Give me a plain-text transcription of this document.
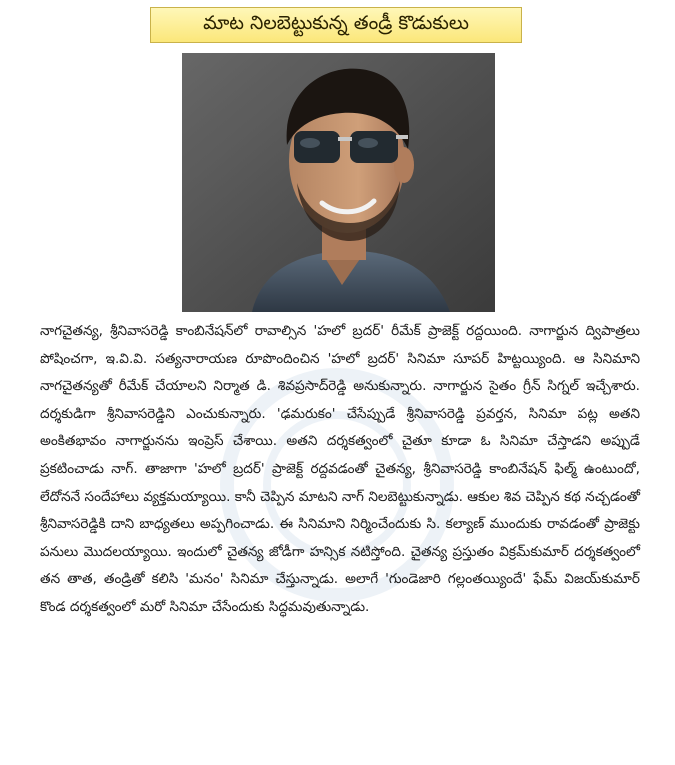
మాట నిలబెట్టుకున్న తండ్రీ కొడుకులు

నాగచైతన్య, శ్రీనివాసరెడ్డి కాంబినేషన్‌లో రావాల్సిన 'హలో బ్రదర్' రీమేక్ ప్రాజెక్ట్ రద్దయింది. నాగార్జున ద్విపాత్రలు పోషించగా, ఇ.వి.వి. సత్యనారాయణ రూపొందించిన 'హలో బ్రదర్' సినిమా సూపర్ హిట్టయ్యింది. ఆ సినిమాని నాగచైతన్యతో రీమేక్ చేయాలని నిర్మాత డి. శివప్రసాద్‌రెడ్డి అనుకున్నారు. నాగార్జున సైతం గ్రీన్ సిగ్నల్ ఇచ్చేశారు. దర్శకుడిగా శ్రీనివాసరెడ్డిని ఎంచుకున్నారు. 'ఢమరుకం' చేసేప్పుడే శ్రీనివాసరెడ్డి ప్రవర్తన, సినిమా పట్ల అతని అంకితభావం నాగార్జునను ఇంప్రెస్ చేశాయి. అతని దర్శకత్వంలో చైతూ కూడా ఓ సినిమా చేస్తాడని అప్పుడే ప్రకటించాడు నాగ్. తాజాగా 'హలో బ్రదర్' ప్రాజెక్ట్ రద్దవడంతో చైతన్య, శ్రీనివాసరెడ్డి కాంబినేషన్ ఫిల్మ్ ఉంటుందో, లేదోననే సందేహాలు వ్యక్తమయ్యాయి. కానీ చెప్పిన మాటని నాగ్ నిలబెట్టుకున్నాడు. ఆకుల శివ చెప్పిన కథ నచ్చడంతో శ్రీనివాసరెడ్డికి దాని బాధ్యతలు అప్పగించాడు. ఈ సినిమాని నిర్మించేందుకు సి. కల్యాణ్ ముందుకు రావడంతో ప్రాజెక్టు పనులు మొదలయ్యాయి. ఇందులో చైతన్య జోడీగా హన్సిక నటిస్తోంది. చైతన్య ప్రస్తుతం విక్రమ్‌కుమార్ దర్శకత్వంలో తన తాత, తండ్రితో కలిసి 'మనం' సినిమా చేస్తున్నాడు. అలాగే 'గుండెజారి గల్లంతయ్యిందే' ఫేమ్ విజయ్‌కుమార్ కొండ దర్శకత్వంలో మరో సినిమా చేసేందుకు సిద్ధమవుతున్నాడు.
